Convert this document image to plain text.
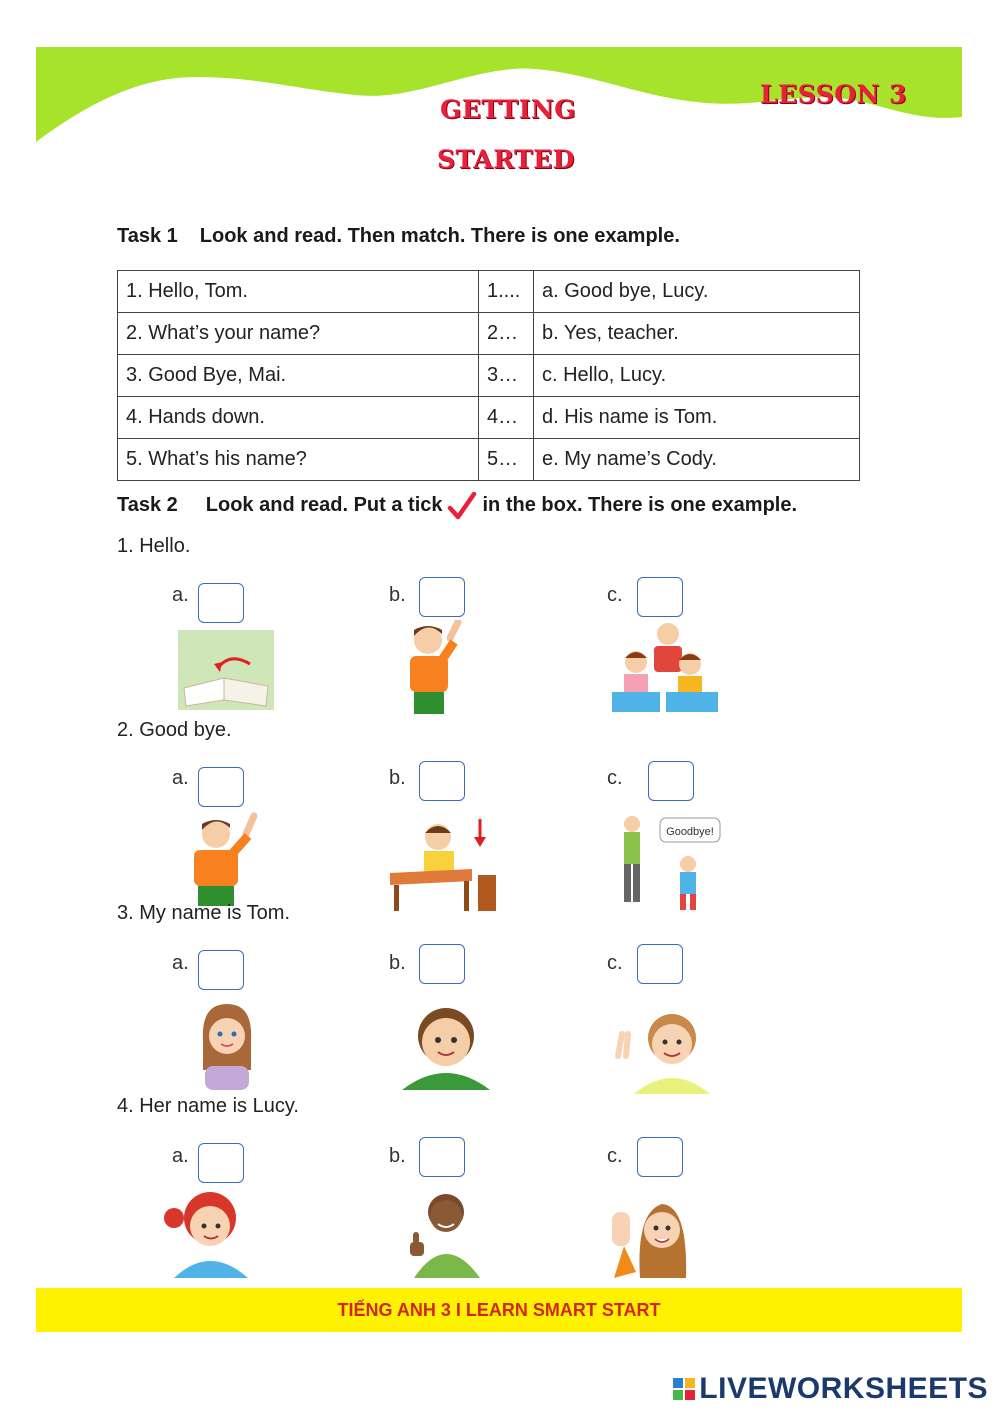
GETTING
STARTED
LESSON 3
Task 1 Look and read. Then match. There is one example.
1. Hello, Tom.	1....	a. Good bye, Lucy.
2. What’s your name?	2…	b. Yes, teacher.
3. Good Bye, Mai.	3…	c. Hello, Lucy.
4. Hands down.	4…	d. His name is Tom.
5. What’s his name?	5…	e. My name’s Cody.
Task 2 Look and read. Put a tick in the box. There is one example.
1. Hello.
a.	b.	c.
2. Good bye.
a.	b.	c.
Goodbye!
3. My name is Tom.
a.	b.	c.
4. Her name is Lucy.
a.	b.	c.
TIẾNG ANH 3 I LEARN SMART START
LIVEWORKSHEETS
